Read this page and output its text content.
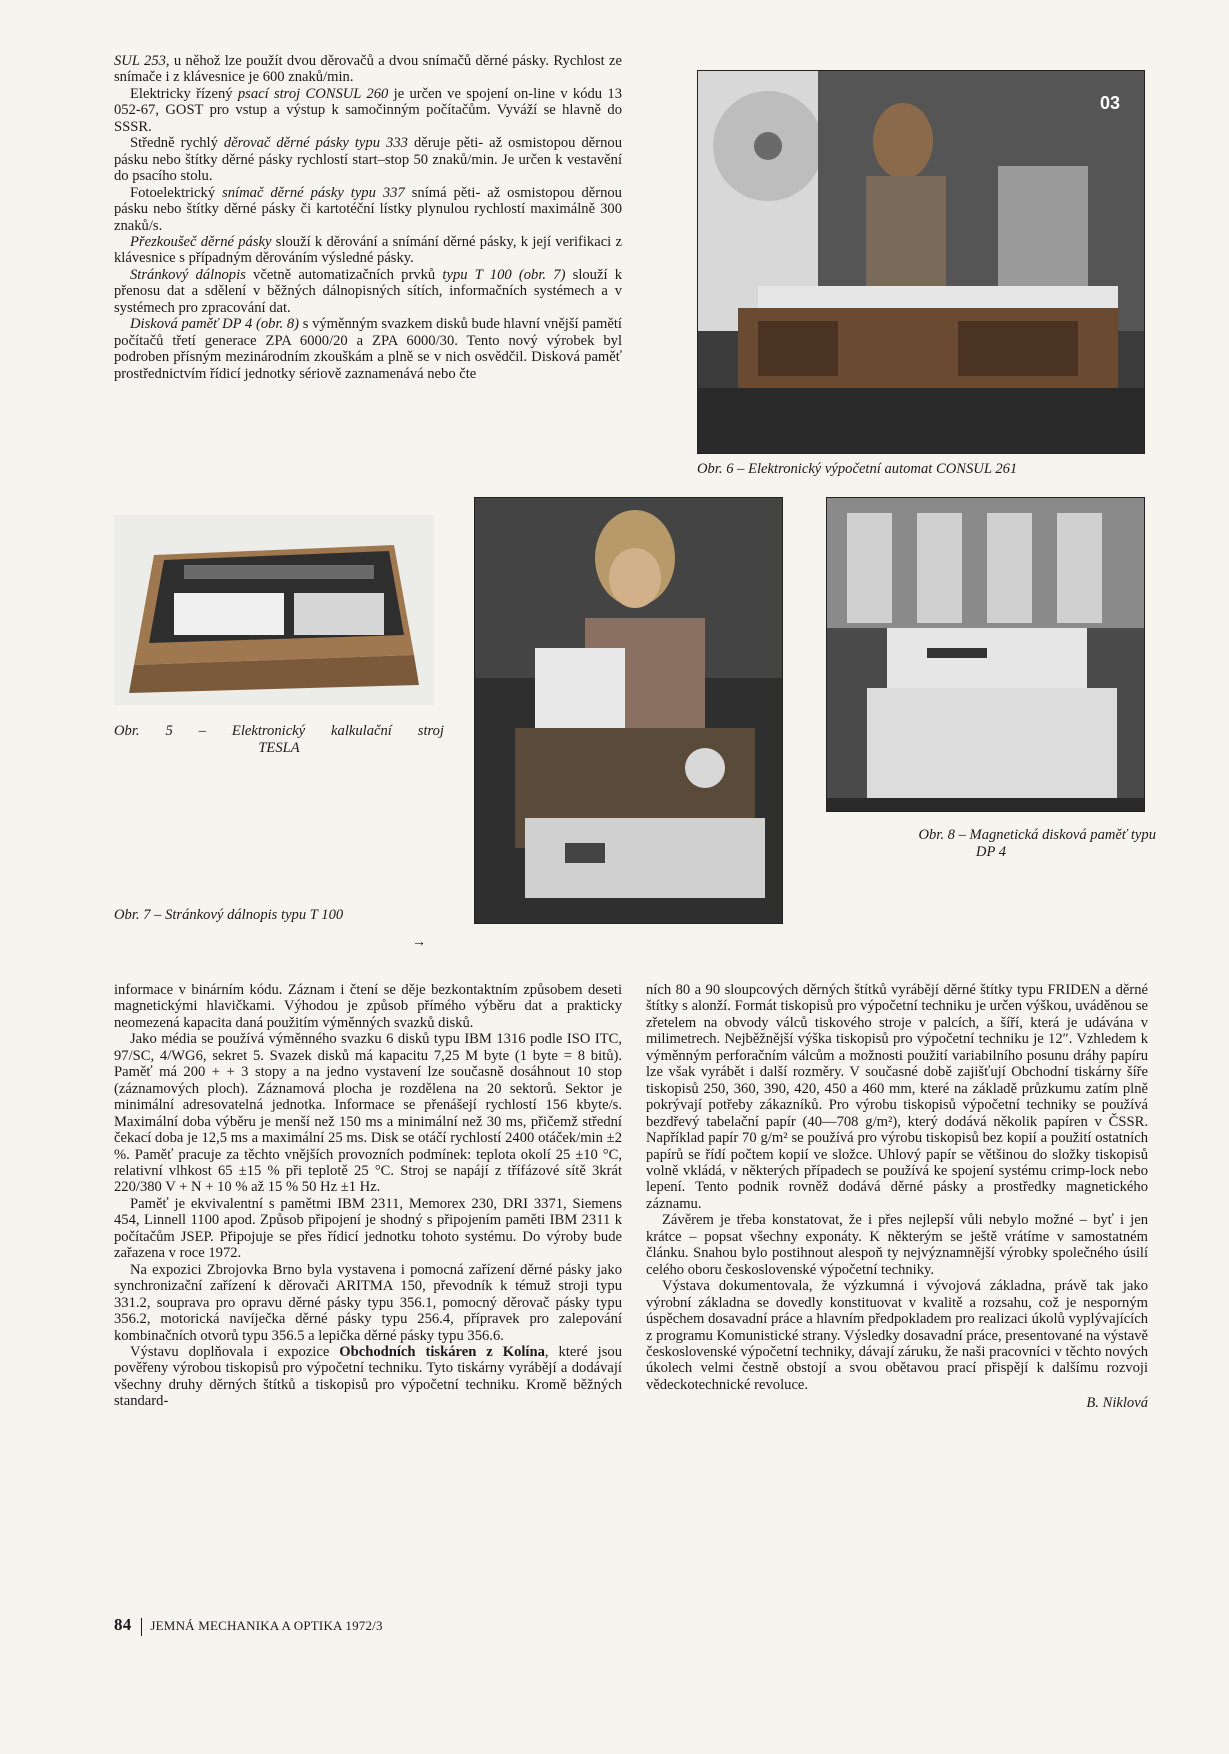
SUL 253, u něhož lze použít dvou děrovačů a dvou snímačů děrné pásky. Rychlost ze snímače i z klávesnice je 600 znaků/min.

Elektricky řízený psací stroj CONSUL 260 je určen ve spojení on-line v kódu 13 052-67, GOST pro vstup a výstup k samočinným počítačům. Vyváží se hlavně do SSSR.

Středně rychlý děrovač děrné pásky typu 333 děruje pěti- až osmistopou děrnou pásku nebo štítky děrné pásky rychlostí start–stop 50 znaků/min. Je určen k vestavění do psacího stolu.

Fotoelektrický snímač děrné pásky typu 337 snímá pěti- až osmistopou děrnou pásku nebo štítky děrné pásky či kartotéční lístky plynulou rychlostí maximálně 300 znaků/s.

Přezkoušeč děrné pásky slouží k děrování a snímání děrné pásky, k její verifikaci z klávesnice s případným děrováním výsledné pásky.

Stránkový dálnopis včetně automatizačních prvků typu T 100 (obr. 7) slouží k přenosu dat a sdělení v běžných dálnopisných sítích, informačních systémech a v systémech pro zpracování dat.

Disková paměť DP 4 (obr. 8) s výměnným svazkem disků bude hlavní vnější pamětí počítačů třetí generace ZPA 6000/20 a ZPA 6000/30. Tento nový výrobek byl podroben přísným mezinárodním zkouškám a plně se v nich osvědčil. Disková paměť prostřednictvím řídicí jednotky sériově zaznamenává nebo čte

03
Obr. 6 – Elektronický výpočetní automat CONSUL 261
Obr. 5 – Elektronický kalkulační stroj
TESLA
Obr. 7 – Stránkový dálnopis typu T 100
→
Obr. 8 – Magnetická disková paměť typu
DP 4

informace v binárním kódu. Záznam i čtení se děje bezkontaktním způsobem deseti magnetickými hlavičkami. Výhodou je způsob přímého výběru dat a prakticky neomezená kapacita daná použitím výměnných svazků disků.

Jako média se používá výměnného svazku 6 disků typu IBM 1316 podle ISO ITC, 97/SC, 4/WG6, sekret 5. Svazek disků má kapacitu 7,25 M byte (1 byte = 8 bitů). Paměť má 200 + + 3 stopy a na jedno vystavení lze současně dosáhnout 10 stop (záznamových ploch). Záznamová plocha je rozdělena na 20 sektorů. Sektor je minimální adresovatelná jednotka. Informace se přenášejí rychlostí 156 kbyte/s. Maximální doba výběru je menší než 150 ms a minimální než 30 ms, přičemž střední čekací doba je 12,5 ms a maximální 25 ms. Disk se otáčí rychlostí 2400 otáček/min ±2 %. Paměť pracuje za těchto vnějších provozních podmínek: teplota okolí 25 ±10 °C, relativní vlhkost 65 ±15 % při teplotě 25 °C. Stroj se napájí z třífázové sítě 3krát 220/380 V + N + 10 % až 15 % 50 Hz ±1 Hz.

Paměť je ekvivalentní s pamětmi IBM 2311, Memorex 230, DRI 3371, Siemens 454, Linnell 1100 apod. Způsob připojení je shodný s připojením paměti IBM 2311 k počítačům JSEP. Připojuje se přes řídicí jednotku tohoto systému. Do výroby bude zařazena v roce 1972.

Na expozici Zbrojovka Brno byla vystavena i pomocná zařízení děrné pásky jako synchronizační zařízení k děrovači ARITMA 150, převodník k témuž stroji typu 331.2, souprava pro opravu děrné pásky typu 356.1, pomocný děrovač pásky typu 356.2, motorická navíječka děrné pásky typu 256.4, přípravek pro zalepování kombinačních otvorů typu 356.5 a lepička děrné pásky typu 356.6.

Výstavu doplňovala i expozice Obchodních tiskáren z Kolína, které jsou pověřeny výrobou tiskopisů pro výpočetní techniku. Tyto tiskárny vyrábějí a dodávají všechny druhy děrných štítků a tiskopisů pro výpočetní techniku. Kromě běžných standard-

ních 80 a 90 sloupcových děrných štítků vyrábějí děrné štítky typu FRIDEN a děrné štítky s alonží. Formát tiskopisů pro výpočetní techniku je určen výškou, uváděnou se zřetelem na obvody válců tiskového stroje v palcích, a šíří, která je udávána v milimetrech. Nejběžnější výška tiskopisů pro výpočetní techniku je 12″. Vzhledem k výměnným perforačním válcům a možnosti použití variabilního posunu dráhy papíru lze však vyrábět i další rozměry. V současné době zajišťují Obchodní tiskárny šíře tiskopisů 250, 360, 390, 420, 450 a 460 mm, které na základě průzkumu zatím plně pokrývají potřeby zákazníků. Pro výrobu tiskopisů výpočetní techniky se používá bezdřevý tabelační papír (40—708 g/m²), který dodává několik papíren v ČSSR. Například papír 70 g/m² se používá pro výrobu tiskopisů bez kopií a použití ostatních papírů se řídí počtem kopií ve složce. Uhlový papír se většinou do složky tiskopisů volně vkládá, v některých případech se používá ke spojení systému crimp-lock nebo lepení. Tento podnik rovněž dodává děrné pásky a prostředky magnetického záznamu.

Závěrem je třeba konstatovat, že i přes nejlepší vůli nebylo možné – byť i jen krátce – popsat všechny exponáty. K některým se ještě vrátíme v samostatném článku. Snahou bylo postihnout alespoň ty nejvýznamnější výrobky společného úsilí celého oboru československé výpočetní techniky.

Výstava dokumentovala, že výzkumná i vývojová základna, právě tak jako výrobní základna se dovedly konstituovat v kvalitě a rozsahu, což je nesporným úspěchem dosavadní práce a hlavním předpokladem pro realizaci úkolů vyplývajících z programu Komunistické strany. Výsledky dosavadní práce, presentované na výstavě československé výpočetní techniky, dávají záruku, že naši pracovníci v těchto nových úkolech velmi čestně obstojí a svou obětavou prací přispějí k dalšímu rozvoji vědeckotechnické revoluce.

B. Niklová

84 JEMNÁ MECHANIKA A OPTIKA 1972/3
